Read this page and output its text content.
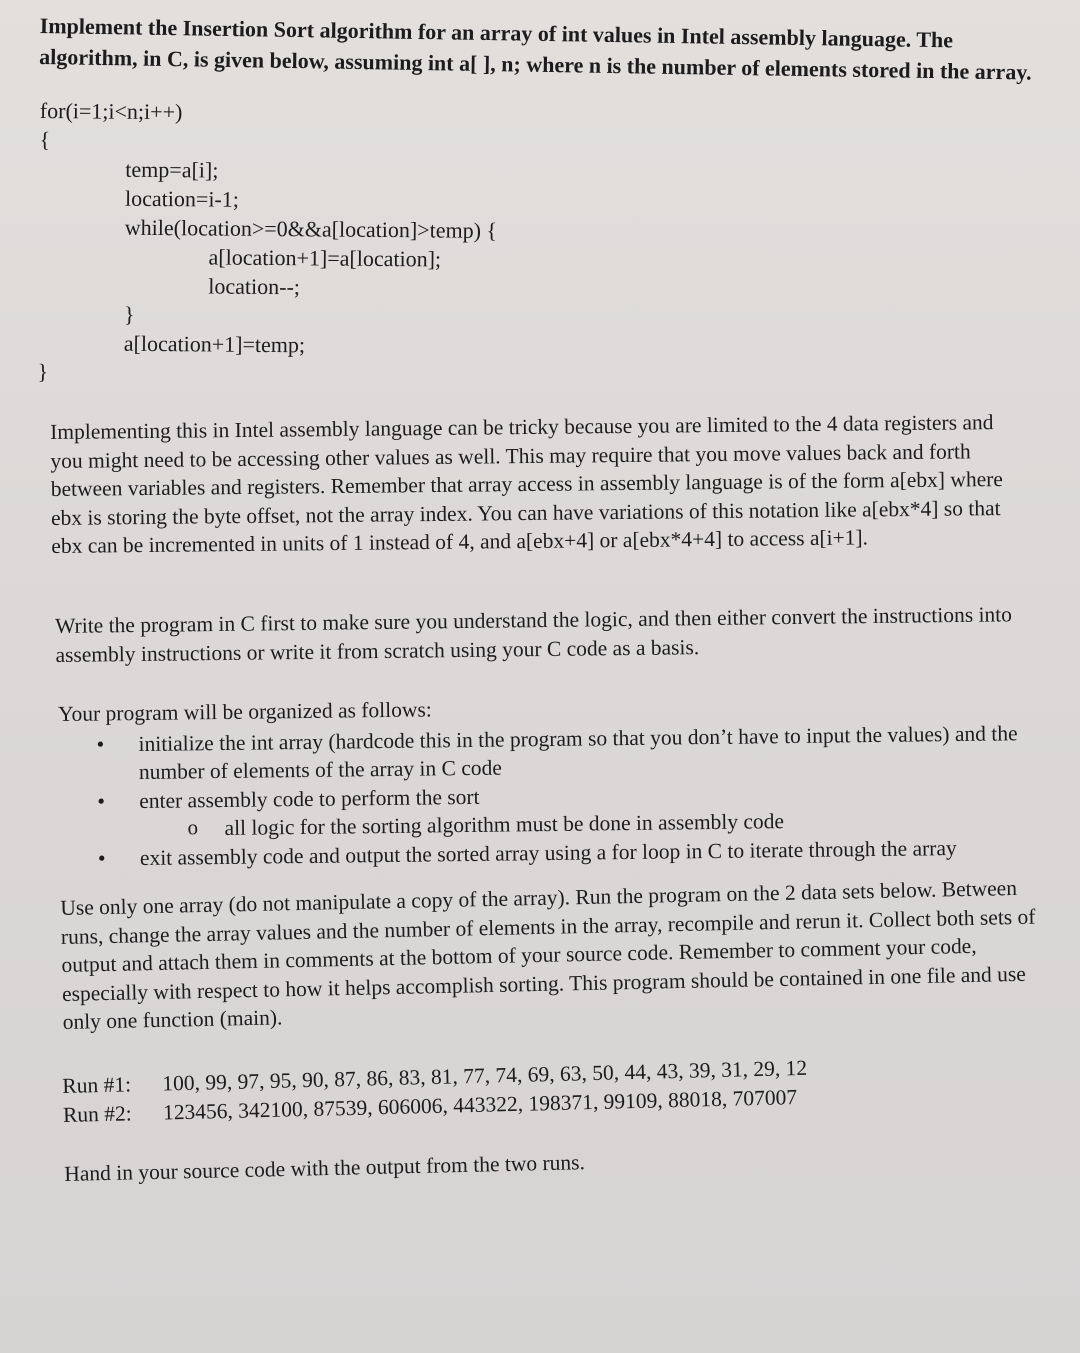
Implement the Insertion Sort algorithm for an array of int values in Intel assembly language. The algorithm, in C, is given below, assuming int a[ ], n; where n is the number of elements stored in the array.
for(i=1;i<n;i++)
{
temp=a[i];
location=i-1;
while(location>=0&&a[location]>temp) {
a[location+1]=a[location];
location--;
}
a[location+1]=temp;
}
Implementing this in Intel assembly language can be tricky because you are limited to the 4 data registers and you might need to be accessing other values as well. This may require that you move values back and forth between variables and registers. Remember that array access in assembly language is of the form a[ebx] where ebx is storing the byte offset, not the array index. You can have variations of this notation like a[ebx*4] so that ebx can be incremented in units of 1 instead of 4, and a[ebx+4] or a[ebx*4+4] to access a[i+1].
Write the program in C first to make sure you understand the logic, and then either convert the instructions into assembly instructions or write it from scratch using your C code as a basis.
Your program will be organized as follows:
• initialize the int array (hardcode this in the program so that you don’t have to input the values) and the number of elements of the array in C code
• enter assembly code to perform the sort
o all logic for the sorting algorithm must be done in assembly code
• exit assembly code and output the sorted array using a for loop in C to iterate through the array
Use only one array (do not manipulate a copy of the array). Run the program on the 2 data sets below. Between runs, change the array values and the number of elements in the array, recompile and rerun it. Collect both sets of output and attach them in comments at the bottom of your source code. Remember to comment your code, especially with respect to how it helps accomplish sorting. This program should be contained in one file and use only one function (main).
Run #1: 100, 99, 97, 95, 90, 87, 86, 83, 81, 77, 74, 69, 63, 50, 44, 43, 39, 31, 29, 12
Run #2: 123456, 342100, 87539, 606006, 443322, 198371, 99109, 88018, 707007
Hand in your source code with the output from the two runs.
